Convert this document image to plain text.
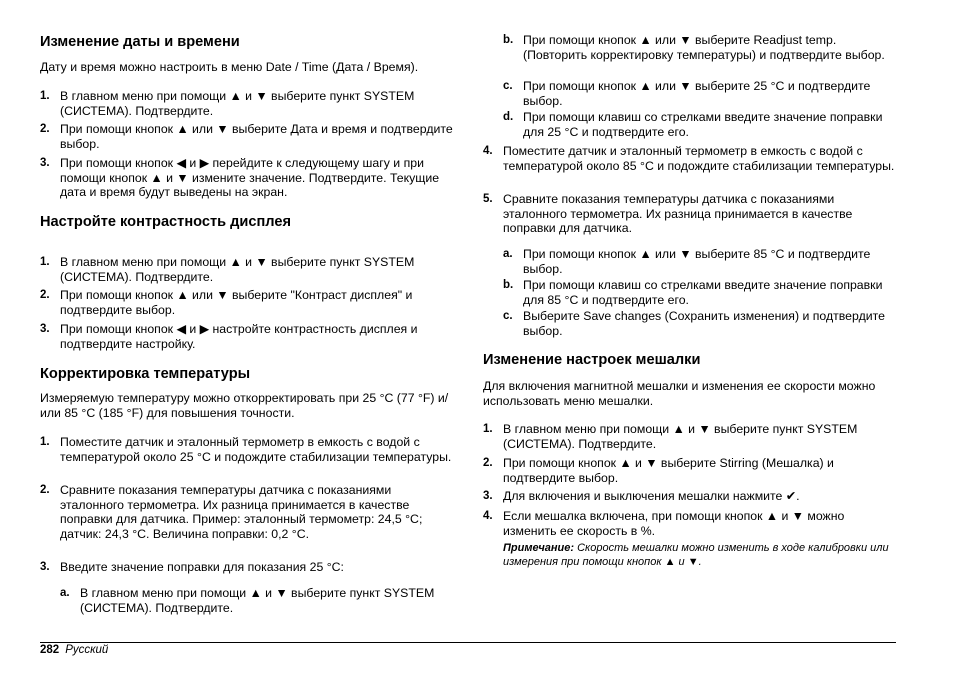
Изменение даты и времени
Дату и время можно настроить в меню Date / Time (Дата / Время).
1. В главном меню при помощи ▲ и ▼ выберите пункт SYSTEM (СИСТЕМА). Подтвердите.
2. При помощи кнопок ▲ или ▼ выберите Дата и время и подтвердите выбор.
3. При помощи кнопок ◀ и ▶ перейдите к следующему шагу и при помощи кнопок ▲ и ▼ измените значение. Подтвердите. Текущие дата и время будут выведены на экран.
Настройте контрастность дисплея
1. В главном меню при помощи ▲ и ▼ выберите пункт SYSTEM (СИСТЕМА). Подтвердите.
2. При помощи кнопок ▲ или ▼ выберите "Контраст дисплея" и подтвердите выбор.
3. При помощи кнопок ◀ и ▶ настройте контрастность дисплея и подтвердите настройку.
Корректировка температуры
Измеряемую температуру можно откорректировать при 25 °C (77 °F) и/или 85 °C (185 °F) для повышения точности.
1. Поместите датчик и эталонный термометр в емкость с водой с температурой около 25 °C и подождите стабилизации температуры.
2. Сравните показания температуры датчика с показаниями эталонного термометра. Их разница принимается в качестве поправки для датчика. Пример: эталонный термометр: 24,5 °C; датчик: 24,3 °C. Величина поправки: 0,2 °C.
3. Введите значение поправки для показания 25 °C:
a. В главном меню при помощи ▲ и ▼ выберите пункт SYSTEM (СИСТЕМА). Подтвердите.
b. При помощи кнопок ▲ или ▼ выберите Readjust temp. (Повторить корректировку температуры) и подтвердите выбор.
c. При помощи кнопок ▲ или ▼ выберите 25 °C и подтвердите выбор.
d. При помощи клавиш со стрелками введите значение поправки для 25 °C и подтвердите его.
4. Поместите датчик и эталонный термометр в емкость с водой с температурой около 85 °C и подождите стабилизации температуры.
5. Сравните показания температуры датчика с показаниями эталонного термометра. Их разница принимается в качестве поправки для датчика.
a. При помощи кнопок ▲ или ▼ выберите 85 °C и подтвердите выбор.
b. При помощи клавиш со стрелками введите значение поправки для 85 °C и подтвердите его.
c. Выберите Save changes (Сохранить изменения) и подтвердите выбор.
Изменение настроек мешалки
Для включения магнитной мешалки и изменения ее скорости можно использовать меню мешалки.
1. В главном меню при помощи ▲ и ▼ выберите пункт SYSTEM (СИСТЕМА). Подтвердите.
2. При помощи кнопок ▲ и ▼ выберите Stirring (Мешалка) и подтвердите выбор.
3. Для включения и выключения мешалки нажмите ✔.
4. Если мешалка включена, при помощи кнопок ▲ и ▼ можно изменить ее скорость в %.
Примечание: Скорость мешалки можно изменить в ходе калибровки или измерения при помощи кнопок ▲ и ▼.
282 Русский
